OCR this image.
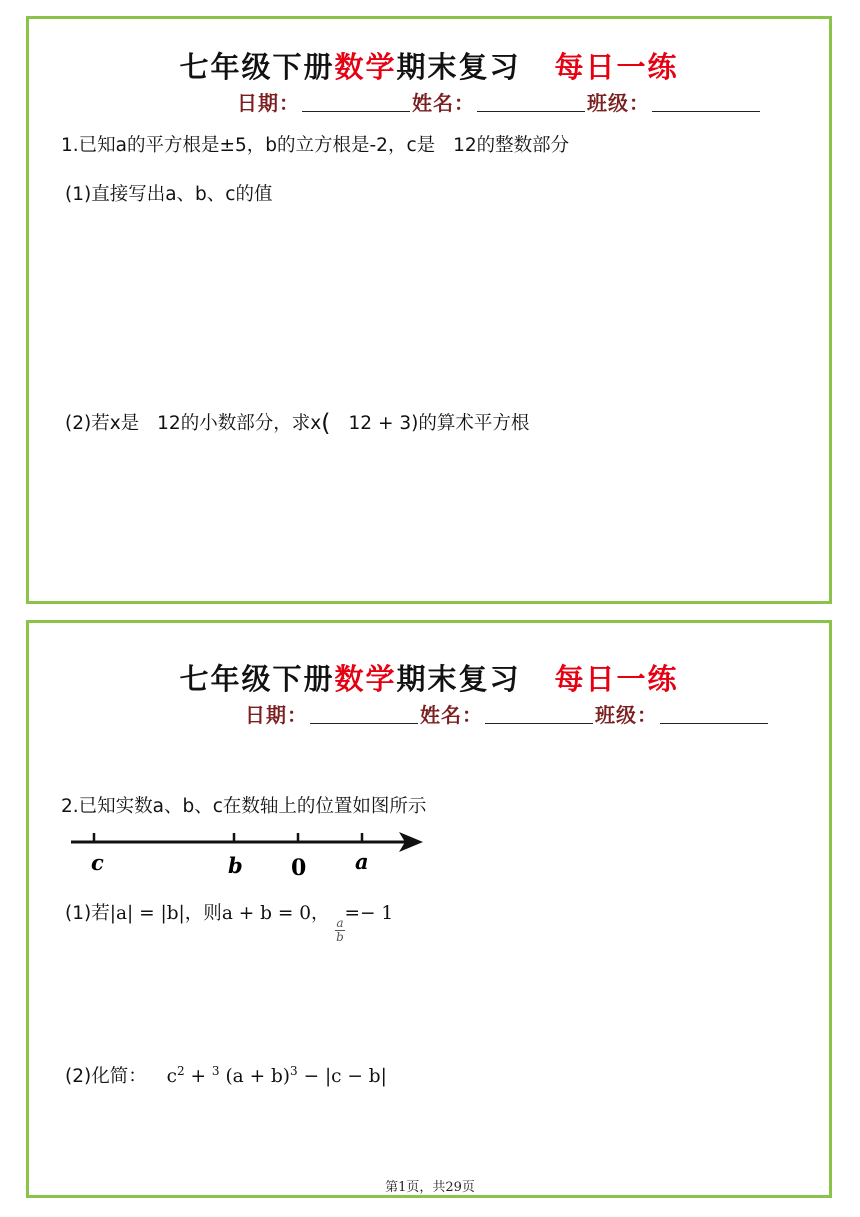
七年级下册数学期末复习 每日一练
日期：	姓名：	班级：
1.已知a的平方根是±5，b的立方根是-2，c是 12的整数部分
(1)直接写出a、b、c的值
(2)若x是 12的小数部分，求x( 12 + 3)的算术平方根
七年级下册数学期末复习 每日一练
日期：	姓名：	班级：
2.已知实数a、b、c在数轴上的位置如图所示
c	b 0 a
(1)若|a| = |b|，则a + b = 0，
$\frac{a}{b}$
=− 1
(2)化简： $c^2 + ^3$ $(a + b)^3 - |c - b|$
第1页，共29页
